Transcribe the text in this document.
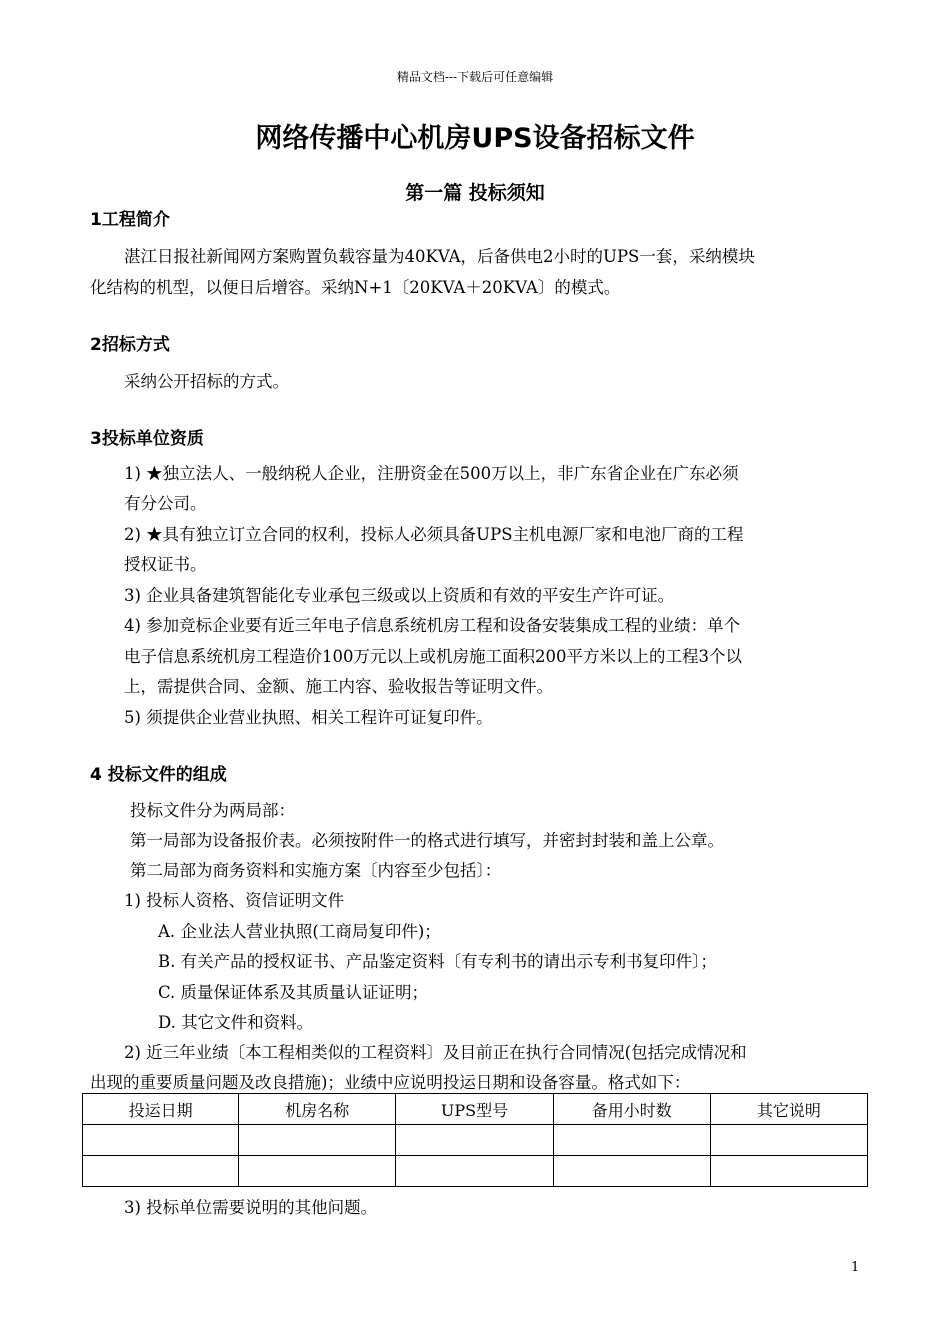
精品文档---下载后可任意编辑
网络传播中心机房UPS设备招标文件
第一篇 投标须知
1工程简介
湛江日报社新闻网方案购置负载容量为40KVA，后备供电2小时的UPS一套，采纳模块
化结构的机型，以便日后增容。采纳N+1〔20KVA＋20KVA〕的模式。
2招标方式
采纳公开招标的方式。
3投标单位资质
1) ★独立法人、一般纳税人企业，注册资金在500万以上，非广东省企业在广东必须
有分公司。
2) ★具有独立订立合同的权利，投标人必须具备UPS主机电源厂家和电池厂商的工程
授权证书。
3) 企业具备建筑智能化专业承包三级或以上资质和有效的平安生产许可证。
4) 参加竞标企业要有近三年电子信息系统机房工程和设备安装集成工程的业绩：单个
电子信息系统机房工程造价100万元以上或机房施工面积200平方米以上的工程3个以
上，需提供合同、金额、施工内容、验收报告等证明文件。
5) 须提供企业营业执照、相关工程许可证复印件。
4 投标文件的组成
投标文件分为两局部：
第一局部为设备报价表。必须按附件一的格式进行填写，并密封封装和盖上公章。
第二局部为商务资料和实施方案〔内容至少包括〕：
1) 投标人资格、资信证明文件
A. 企业法人营业执照(工商局复印件)；
B. 有关产品的授权证书、产品鉴定资料〔有专利书的请出示专利书复印件〕；
C. 质量保证体系及其质量认证证明；
D. 其它文件和资料。
2) 近三年业绩〔本工程相类似的工程资料〕及目前正在执行合同情况(包括完成情况和
出现的重要质量问题及改良措施)；业绩中应说明投运日期和设备容量。格式如下：
投运日期	机房名称	UPS型号	备用小时数	其它说明

3) 投标单位需要说明的其他问题。
1
